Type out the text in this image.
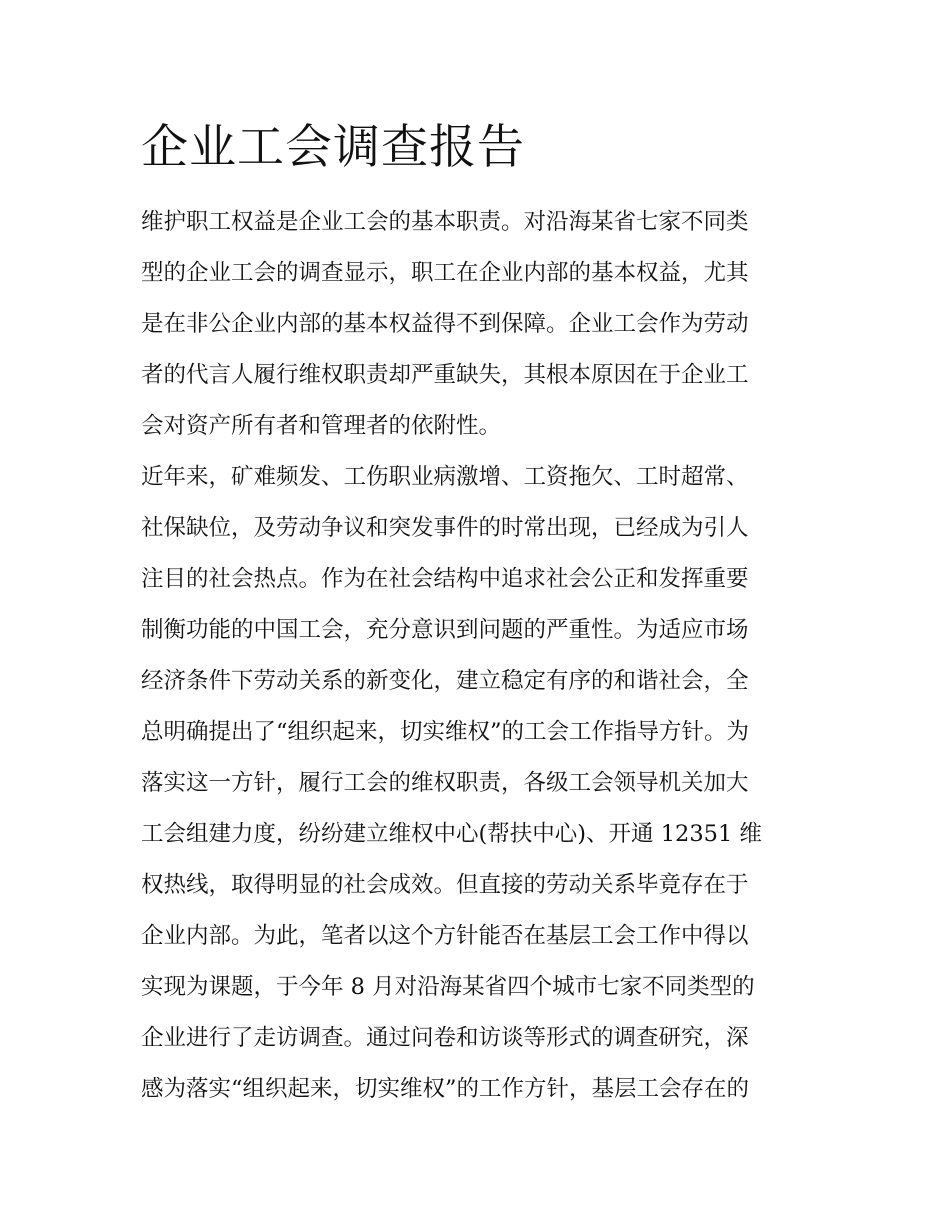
企业工会调查报告
维护职工权益是企业工会的基本职责。对沿海某省七家不同类
型的企业工会的调查显示，职工在企业内部的基本权益，尤其
是在非公企业内部的基本权益得不到保障。企业工会作为劳动
者的代言人履行维权职责却严重缺失，其根本原因在于企业工
会对资产所有者和管理者的依附性。
近年来，矿难频发、工伤职业病激增、工资拖欠、工时超常、
社保缺位，及劳动争议和突发事件的时常出现，已经成为引人
注目的社会热点。作为在社会结构中追求社会公正和发挥重要
制衡功能的中国工会，充分意识到问题的严重性。为适应市场
经济条件下劳动关系的新变化，建立稳定有序的和谐社会，全
总明确提出了“组织起来，切实维权”的工会工作指导方针。为
落实这一方针，履行工会的维权职责，各级工会领导机关加大
工会组建力度，纷纷建立维权中心(帮扶中心)、开通 12351 维
权热线，取得明显的社会成效。但直接的劳动关系毕竟存在于
企业内部。为此，笔者以这个方针能否在基层工会工作中得以
实现为课题，于今年 8 月对沿海某省四个城市七家不同类型的
企业进行了走访调查。通过问卷和访谈等形式的调查研究，深
感为落实“组织起来，切实维权”的工作方针，基层工会存在的
